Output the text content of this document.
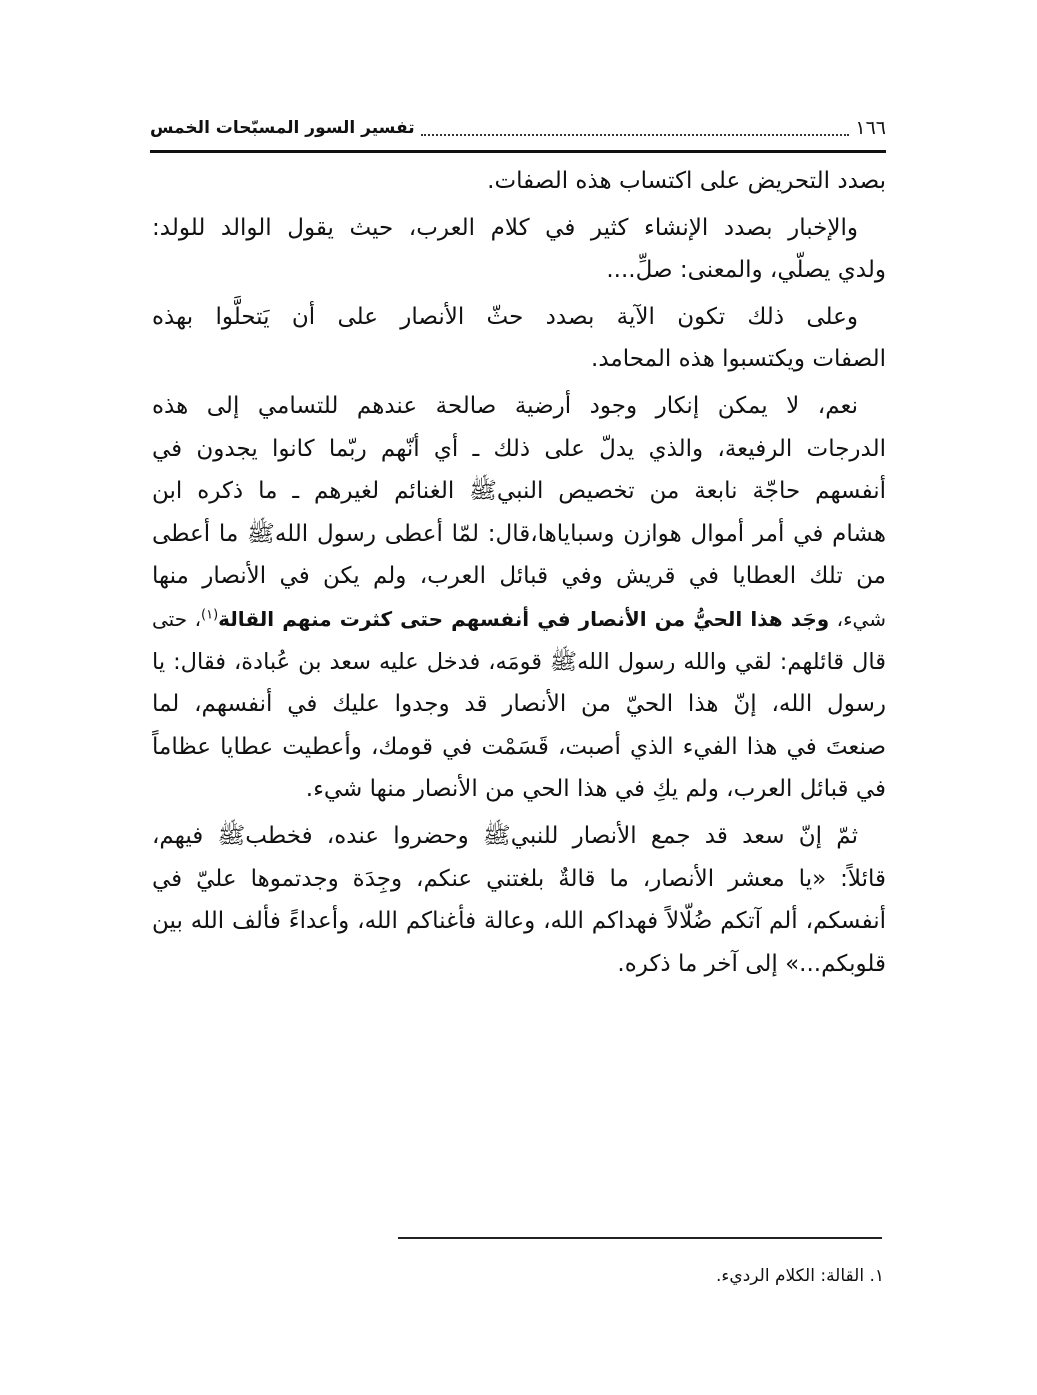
١٦٦
تفسير السور المسبّحات الخمس
بصدد التحريض على اكتساب هذه الصفات.
والإخبار بصدد الإنشاء كثير في كلام العرب، حيث يقول الوالد للولد:
ولدي يصلّي، والمعنى: صلِّ....
وعلى ذلك تكون الآية بصدد حثّ الأنصار على أن يَتحلَّوا بهذه
الصفات ويكتسبوا هذه المحامد.
نعم، لا يمكن إنكار وجود أرضية صالحة عندهم للتسامي إلى هذه
الدرجات الرفيعة، والذي يدلّ على ذلك ـ أي أنّهم ربّما كانوا يجدون في
أنفسهم حاجّة نابعة من تخصيص النبيﷺ الغنائم لغيرهم ـ ما ذكره ابن
هشام في أمر أموال هوازن وسباياها،قال: لمّا أعطى رسول اللهﷺ ما أعطى
من تلك العطايا في قريش وفي قبائل العرب، ولم يكن في الأنصار منها
شيء، وجَد هذا الحيُّ من الأنصار في أنفسهم حتى كثرت منهم القالة$^{(١)}$، حتى
قال قائلهم: لقي والله رسول اللهﷺ قومَه، فدخل عليه سعد بن عُبادة، فقال: يا
رسول الله، إنّ هذا الحيّ من الأنصار قد وجدوا عليك في أنفسهم، لما
صنعتَ في هذا الفيء الذي أصبت، قَسَمْت في قومك، وأعطيت عطايا عظاماً
في قبائل العرب، ولم يكِ في هذا الحي من الأنصار منها شيء.
ثمّ إنّ سعد قد جمع الأنصار للنبيﷺ وحضروا عنده، فخطبﷺ فيهم،
قائلاً: «يا معشر الأنصار، ما قالةٌ بلغتني عنكم، وجِدَة وجدتموها عليّ في
أنفسكم، ألم آتكم ضُلّالاً فهداكم الله، وعالة فأغناكم الله، وأعداءً فألف الله بين
قلوبكم...» إلى آخر ما ذكره.
١. القالة: الكلام الرديء.
